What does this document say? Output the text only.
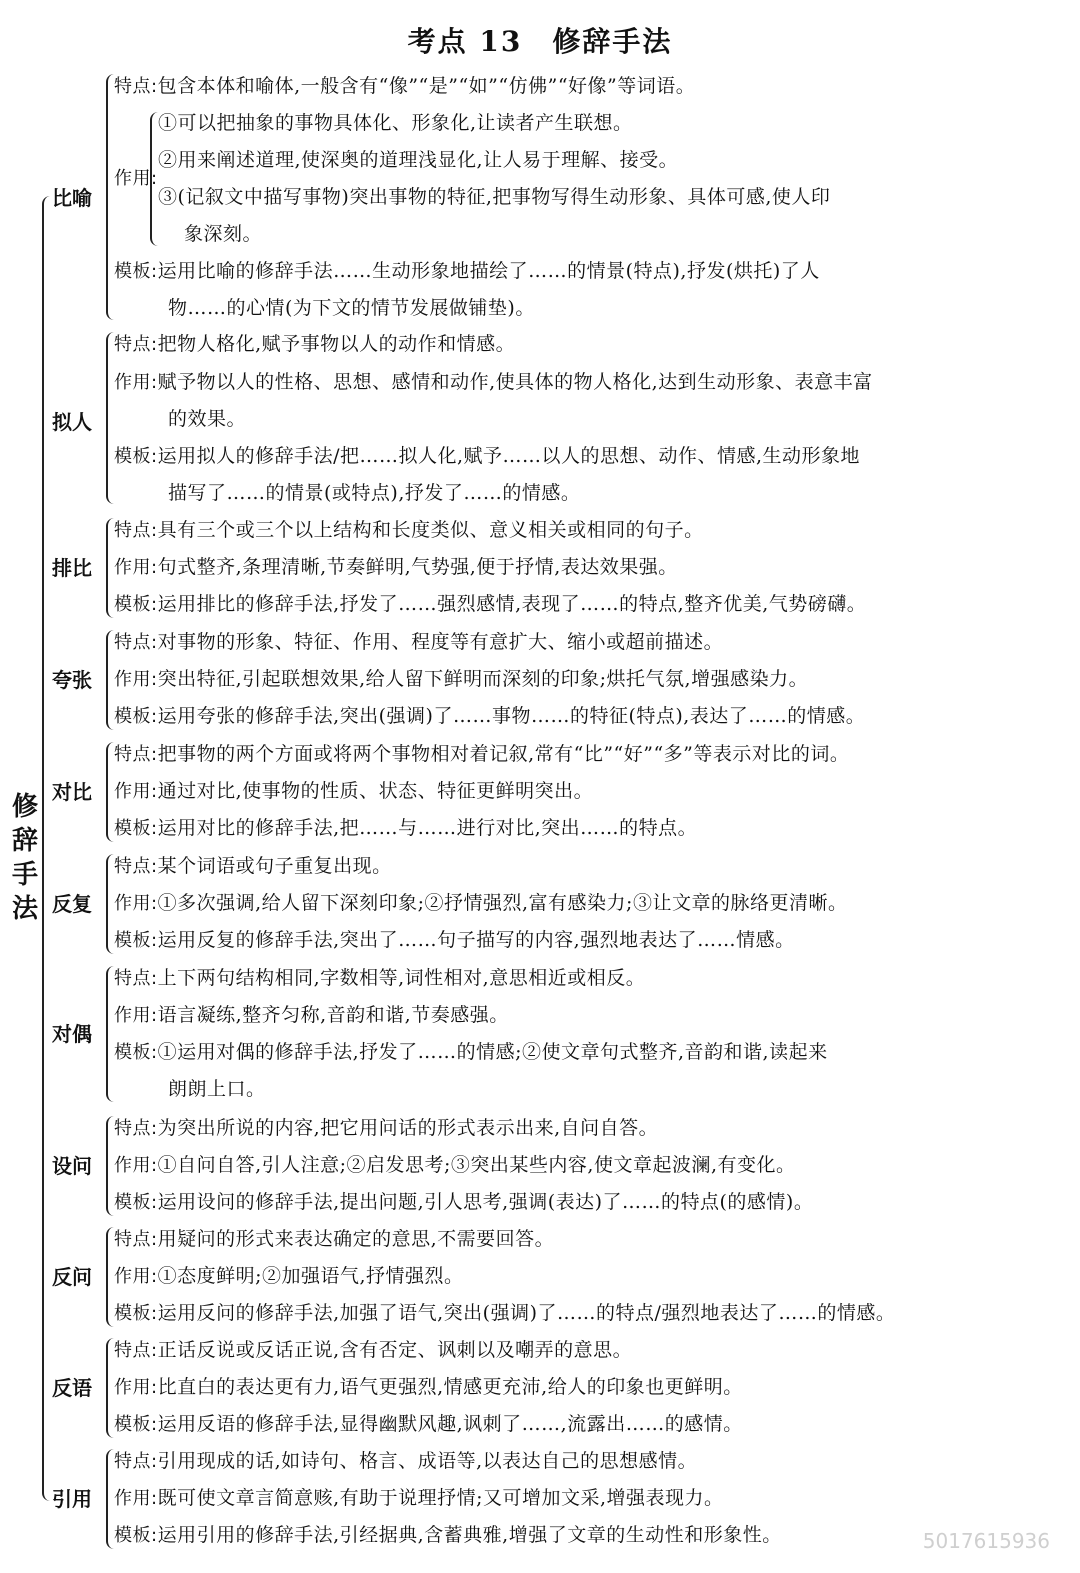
考点 13　修辞手法
修辞手法
比喻
特点:包含本体和喻体,一般含有“像”“是”“如”“仿佛”“好像”等词语。
作用:
①可以把抽象的事物具体化、形象化,让读者产生联想。
②用来阐述道理,使深奥的道理浅显化,让人易于理解、接受。
③(记叙文中描写事物)突出事物的特征,把事物写得生动形象、具体可感,使人印
象深刻。
模板:运用比喻的修辞手法……生动形象地描绘了……的情景(特点),抒发(烘托)了人
物……的心情(为下文的情节发展做铺垫)。
拟人
特点:把物人格化,赋予事物以人的动作和情感。
作用:赋予物以人的性格、思想、感情和动作,使具体的物人格化,达到生动形象、表意丰富
的效果。
模板:运用拟人的修辞手法/把……拟人化,赋予……以人的思想、动作、情感,生动形象地
描写了……的情景(或特点),抒发了……的情感。
排比
特点:具有三个或三个以上结构和长度类似、意义相关或相同的句子。
作用:句式整齐,条理清晰,节奏鲜明,气势强,便于抒情,表达效果强。
模板:运用排比的修辞手法,抒发了……强烈感情,表现了……的特点,整齐优美,气势磅礴。
夸张
特点:对事物的形象、特征、作用、程度等有意扩大、缩小或超前描述。
作用:突出特征,引起联想效果,给人留下鲜明而深刻的印象;烘托气氛,增强感染力。
模板:运用夸张的修辞手法,突出(强调)了……事物……的特征(特点),表达了……的情感。
对比
特点:把事物的两个方面或将两个事物相对着记叙,常有“比”“好”“多”等表示对比的词。
作用:通过对比,使事物的性质、状态、特征更鲜明突出。
模板:运用对比的修辞手法,把……与……进行对比,突出……的特点。
反复
特点:某个词语或句子重复出现。
作用:①多次强调,给人留下深刻印象;②抒情强烈,富有感染力;③让文章的脉络更清晰。
模板:运用反复的修辞手法,突出了……句子描写的内容,强烈地表达了……情感。
对偶
特点:上下两句结构相同,字数相等,词性相对,意思相近或相反。
作用:语言凝练,整齐匀称,音韵和谐,节奏感强。
模板:①运用对偶的修辞手法,抒发了……的情感;②使文章句式整齐,音韵和谐,读起来
朗朗上口。
设问
特点:为突出所说的内容,把它用问话的形式表示出来,自问自答。
作用:①自问自答,引人注意;②启发思考;③突出某些内容,使文章起波澜,有变化。
模板:运用设问的修辞手法,提出问题,引人思考,强调(表达)了……的特点(的感情)。
反问
特点:用疑问的形式来表达确定的意思,不需要回答。
作用:①态度鲜明;②加强语气,抒情强烈。
模板:运用反问的修辞手法,加强了语气,突出(强调)了……的特点/强烈地表达了……的情感。
反语
特点:正话反说或反话正说,含有否定、讽刺以及嘲弄的意思。
作用:比直白的表达更有力,语气更强烈,情感更充沛,给人的印象也更鲜明。
模板:运用反语的修辞手法,显得幽默风趣,讽刺了……,流露出……的感情。
引用
特点:引用现成的话,如诗句、格言、成语等,以表达自己的思想感情。
作用:既可使文章言简意赅,有助于说理抒情;又可增加文采,增强表现力。
模板:运用引用的修辞手法,引经据典,含蓄典雅,增强了文章的生动性和形象性。	5017615936
